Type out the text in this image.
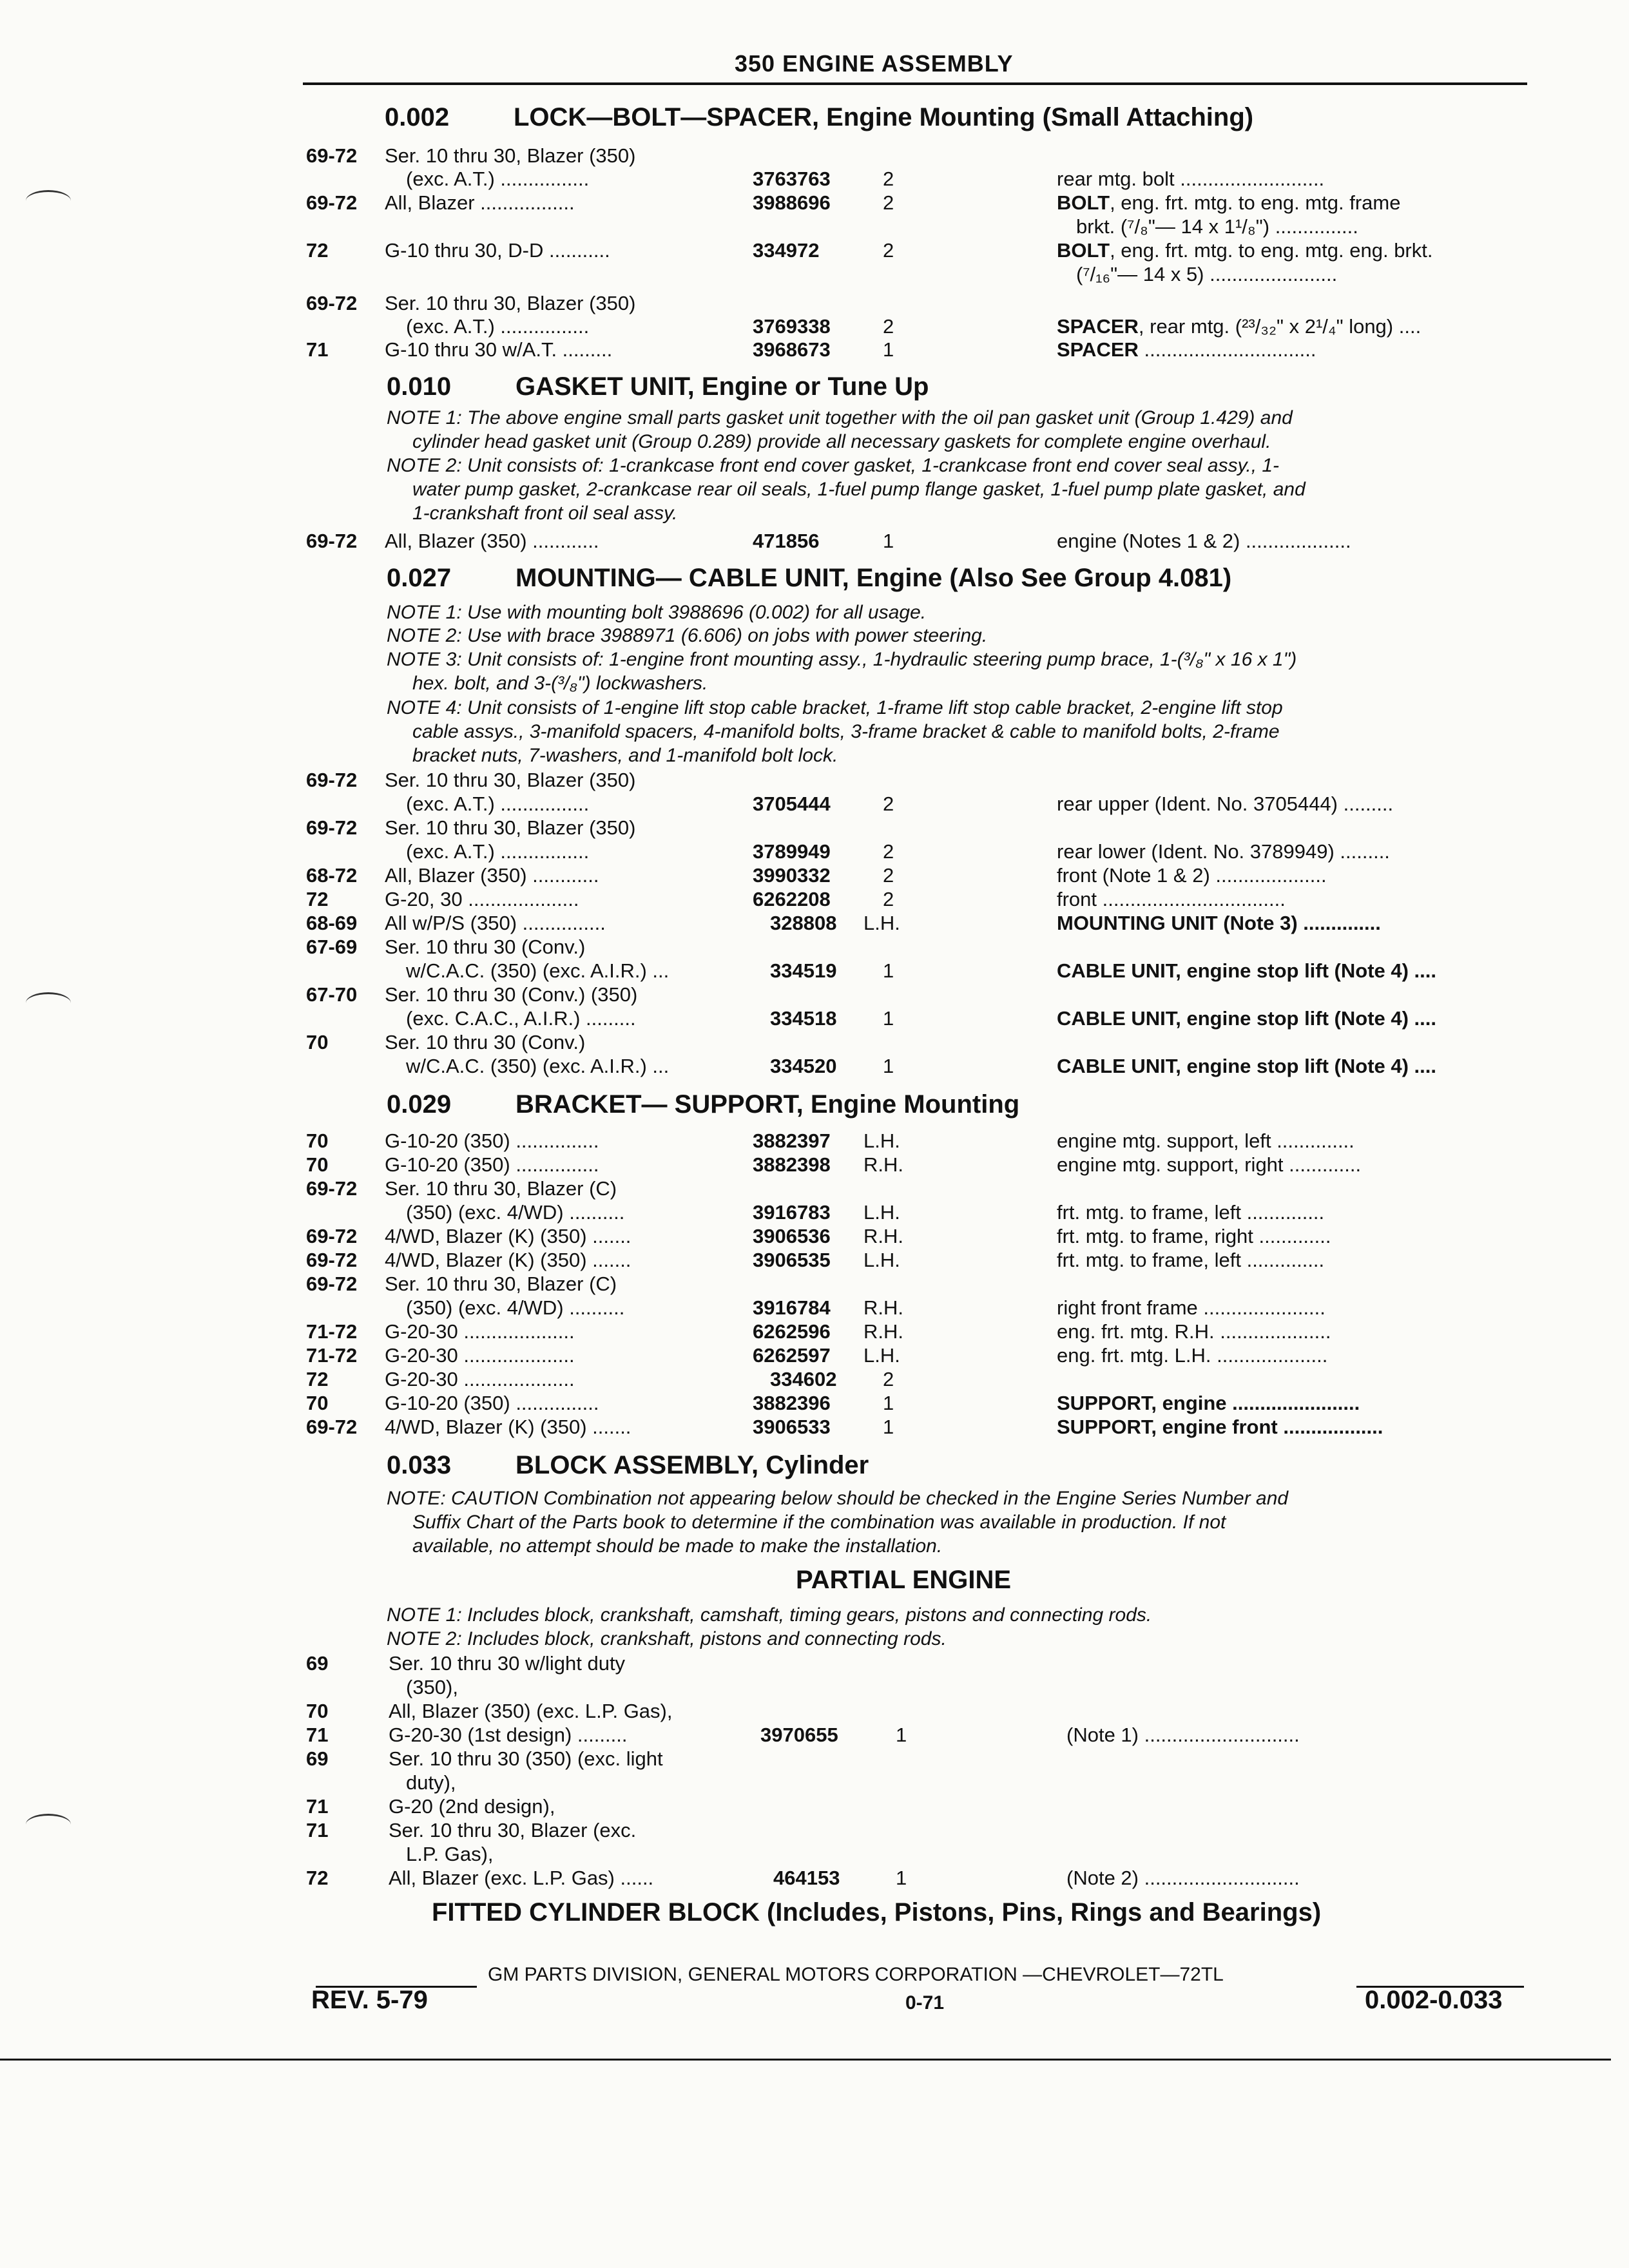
350 ENGINE ASSEMBLY
0.002 LOCK—BOLT—SPACER, Engine Mounting (Small Attaching)
69-72 Ser. 10 thru 30, Blazer (350)
(exc. A.T.) ................	3763763	2	rear mtg. bolt ..........................
69-72 All, Blazer .................	3988696	2	BOLT, eng. frt. mtg. to eng. mtg. frame
brkt. (⁷/₈"— 14 x 1¹/₈") ...............
72	G-10 thru 30, D-D ...........	334972	2	BOLT, eng. frt. mtg. to eng. mtg. eng. brkt.
(⁷/₁₆"— 14 x 5) .......................
69-72 Ser. 10 thru 30, Blazer (350)
(exc. A.T.) ................	3769338	2	SPACER, rear mtg. (²³/₃₂" x 2¹/₄" long) ....
71	G-10 thru 30 w/A.T. .........	3968673	1	SPACER ...............................
0.010 GASKET UNIT, Engine or Tune Up
NOTE 1: The above engine small parts gasket unit together with the oil pan gasket unit (Group 1.429) and
cylinder head gasket unit (Group 0.289) provide all necessary gaskets for complete engine overhaul.
NOTE 2: Unit consists of: 1-crankcase front end cover gasket, 1-crankcase front end cover seal assy., 1-
water pump gasket, 2-crankcase rear oil seals, 1-fuel pump flange gasket, 1-fuel pump plate gasket, and
1-crankshaft front oil seal assy.
69-72 All, Blazer (350) ............	471856	1	engine (Notes 1 & 2) ...................
0.027 MOUNTING— CABLE UNIT, Engine (Also See Group 4.081)
NOTE 1: Use with mounting bolt 3988696 (0.002) for all usage.
NOTE 2: Use with brace 3988971 (6.606) on jobs with power steering.
NOTE 3: Unit consists of: 1-engine front mounting assy., 1-hydraulic steering pump brace, 1-(³/₈" x 16 x 1")
hex. bolt, and 3-(³/₈") lockwashers.
NOTE 4: Unit consists of 1-engine lift stop cable bracket, 1-frame lift stop cable bracket, 2-engine lift stop
cable assys., 3-manifold spacers, 4-manifold bolts, 3-frame bracket & cable to manifold bolts, 2-frame
bracket nuts, 7-washers, and 1-manifold bolt lock.
69-72 Ser. 10 thru 30, Blazer (350)
(exc. A.T.) ................	3705444	2	rear upper (Ident. No. 3705444) .........
69-72 Ser. 10 thru 30, Blazer (350)
(exc. A.T.) ................	3789949	2	rear lower (Ident. No. 3789949) .........
68-72 All, Blazer (350) ............	3990332	2	front (Note 1 & 2) ....................
72	G-20, 30 ....................	6262208	2	front .................................
68-69 All w/P/S (350) ...............	328808 L.H.	MOUNTING UNIT (Note 3) ..............
67-69 Ser. 10 thru 30 (Conv.)
w/C.A.C. (350) (exc. A.I.R.) ...	334519 1	CABLE UNIT, engine stop lift (Note 4) ....
67-70 Ser. 10 thru 30 (Conv.) (350)
(exc. C.A.C., A.I.R.) .........	334518 1	CABLE UNIT, engine stop lift (Note 4) ....
70	Ser. 10 thru 30 (Conv.)
w/C.A.C. (350) (exc. A.I.R.) ...	334520 1	CABLE UNIT, engine stop lift (Note 4) ....
0.029 BRACKET— SUPPORT, Engine Mounting
70	G-10-20 (350) ...............	3882397 L.H.	engine mtg. support, left ..............
70	G-10-20 (350) ...............	3882398 R.H.	engine mtg. support, right .............
69-72 Ser. 10 thru 30, Blazer (C)
(350) (exc. 4/WD) ..........	3916783 L.H.	frt. mtg. to frame, left ..............
69-72 4/WD, Blazer (K) (350) .......	3906536 R.H.	frt. mtg. to frame, right .............
69-72 4/WD, Blazer (K) (350) .......	3906535 L.H.	frt. mtg. to frame, left ..............
69-72 Ser. 10 thru 30, Blazer (C)
(350) (exc. 4/WD) ..........	3916784 R.H.	right front frame ......................
71-72 G-20-30 ....................	6262596 R.H.	eng. frt. mtg. R.H. ....................
71-72 G-20-30 ....................	6262597 L.H.	eng. frt. mtg. L.H. ....................
72	G-20-30 ....................	334602 2
70	G-10-20 (350) ...............	3882396	1	SUPPORT, engine .......................
69-72 4/WD, Blazer (K) (350) .......	3906533	1	SUPPORT, engine front ..................
0.033 BLOCK ASSEMBLY, Cylinder
NOTE: CAUTION Combination not appearing below should be checked in the Engine Series Number and
Suffix Chart of the Parts book to determine if the combination was available in production. If not
available, no attempt should be made to make the installation.
PARTIAL ENGINE
NOTE 1: Includes block, crankshaft, camshaft, timing gears, pistons and connecting rods.
NOTE 2: Includes block, crankshaft, pistons and connecting rods.
69	Ser. 10 thru 30 w/light duty
(350),
70	All, Blazer (350) (exc. L.P. Gas),
71	G-20-30 (1st design) .........	3970655	1	(Note 1) ............................
69	Ser. 10 thru 30 (350) (exc. light
duty),
71	G-20 (2nd design),
71	Ser. 10 thru 30, Blazer (exc.
L.P. Gas),
72	All, Blazer (exc. L.P. Gas) ......	464153	1	(Note 2) ............................
FITTED CYLINDER BLOCK (Includes, Pistons, Pins, Rings and Bearings)
GM PARTS DIVISION, GENERAL MOTORS CORPORATION —CHEVROLET—72TL
REV. 5-79	0-71	0.002-0.033
